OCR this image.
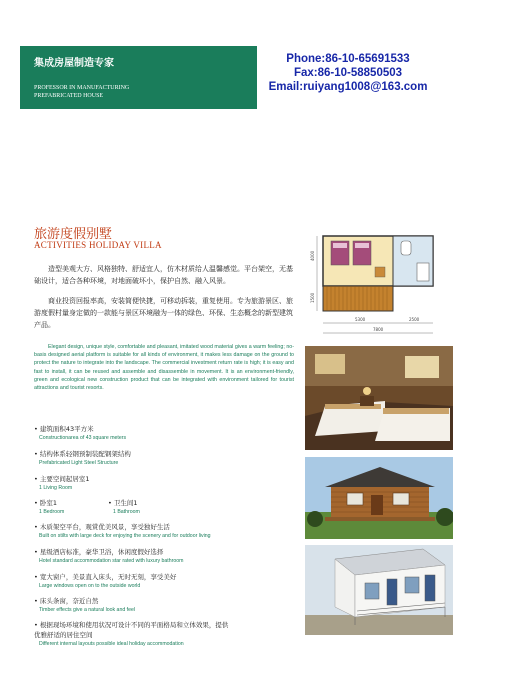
集成房屋制造专家
PROFESSOR IN MANUFACTURING
PREFABRICATED HOUSE
Phone:86-10-65691533
Fax:86-10-58850503
Email:ruiyang1008@163.com
旅游度假别墅
ACTIVITIES HOLIDAY VILLA
造型美观大方、风格独特、舒适宜人，仿木材质给人温馨感觉。平台架空，无基础设计，适合各种环境，对地面破坏小，保护自然、融入风景。
商业投资回报率高，安装简便快捷，可移动拆装，重复使用。专为旅游景区、旅游度假村量身定做的一款能与景区环境融为一体的绿色、环保、生态概念的新型建筑产品。
Elegant design, unique style, comfortable and pleasant, imitated wood material gives a warm feeling; no-basis designed aerial platform is suitable for all kinds of environment, it makes less damage on the ground to protect the nature to integrate into the landscape. The commercial investment return rate is high; it is easy and fast to install, it can be reused and assemble and disassemble in movement. It is an environment-friendly, green and ecological new construction product that can be integrated with environment tailored for tourist attractions and tourist resorts.
• 建筑面积43平方米
Constructionarea of 43 square meters
• 结构体系轻钢预制装配钢架结构
Prefabricated Light Steel Structure
• 主要空间起居室1
1 Living Room
• 卧室1
1 Bedroom
• 卫生间1
1 Bathroom
• 木质架空平台，观赏优美风景，享受独好生活
Built on stilts with large deck for enjoying the scenery and for outdoor living
• 星级酒店标准，豪华卫浴，休闲度假好选择
Hotel standard accommodation star rated with luxury bathroom
• 宽大窗户，美景直入床头，无时无刻，享受美好
Large windows open on to the outside world
• 床头条窗，奈近自然
Timber effects give a natural look and feel
• 根据现场环境和使用状况可设计不同的平面格局和立体效果，提供优雅舒适的居住空间
Different internal layouts possible ideal holiday accommodation
4000
1500
5300	2500
7800
